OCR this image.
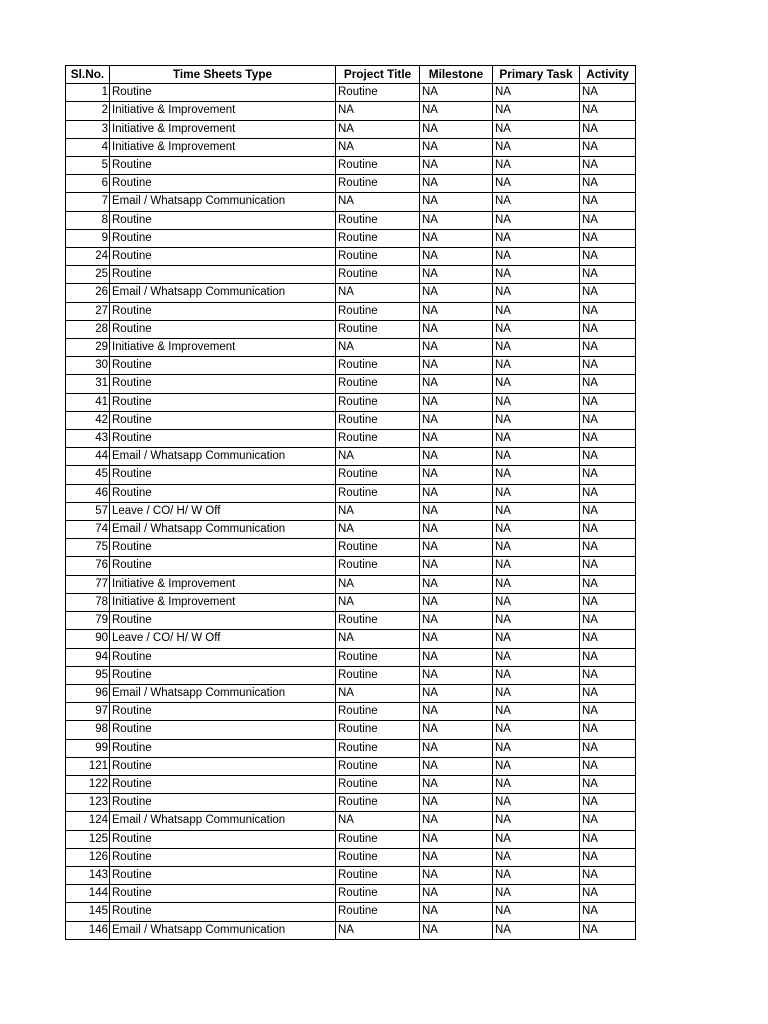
Sl.No.	Time Sheets Type	Project Title	Milestone	Primary Task	Activity
1	Routine	Routine	NA	NA	NA
2	Initiative & Improvement	NA	NA	NA	NA
3	Initiative & Improvement	NA	NA	NA	NA
4	Initiative & Improvement	NA	NA	NA	NA
5	Routine	Routine	NA	NA	NA
6	Routine	Routine	NA	NA	NA
7	Email / Whatsapp Communication	NA	NA	NA	NA
8	Routine	Routine	NA	NA	NA
9	Routine	Routine	NA	NA	NA
24	Routine	Routine	NA	NA	NA
25	Routine	Routine	NA	NA	NA
26	Email / Whatsapp Communication	NA	NA	NA	NA
27	Routine	Routine	NA	NA	NA
28	Routine	Routine	NA	NA	NA
29	Initiative & Improvement	NA	NA	NA	NA
30	Routine	Routine	NA	NA	NA
31	Routine	Routine	NA	NA	NA
41	Routine	Routine	NA	NA	NA
42	Routine	Routine	NA	NA	NA
43	Routine	Routine	NA	NA	NA
44	Email / Whatsapp Communication	NA	NA	NA	NA
45	Routine	Routine	NA	NA	NA
46	Routine	Routine	NA	NA	NA
57	Leave / CO/ H/ W Off	NA	NA	NA	NA
74	Email / Whatsapp Communication	NA	NA	NA	NA
75	Routine	Routine	NA	NA	NA
76	Routine	Routine	NA	NA	NA
77	Initiative & Improvement	NA	NA	NA	NA
78	Initiative & Improvement	NA	NA	NA	NA
79	Routine	Routine	NA	NA	NA
90	Leave / CO/ H/ W Off	NA	NA	NA	NA
94	Routine	Routine	NA	NA	NA
95	Routine	Routine	NA	NA	NA
96	Email / Whatsapp Communication	NA	NA	NA	NA
97	Routine	Routine	NA	NA	NA
98	Routine	Routine	NA	NA	NA
99	Routine	Routine	NA	NA	NA
121	Routine	Routine	NA	NA	NA
122	Routine	Routine	NA	NA	NA
123	Routine	Routine	NA	NA	NA
124	Email / Whatsapp Communication	NA	NA	NA	NA
125	Routine	Routine	NA	NA	NA
126	Routine	Routine	NA	NA	NA
143	Routine	Routine	NA	NA	NA
144	Routine	Routine	NA	NA	NA
145	Routine	Routine	NA	NA	NA
146	Email / Whatsapp Communication	NA	NA	NA	NA
